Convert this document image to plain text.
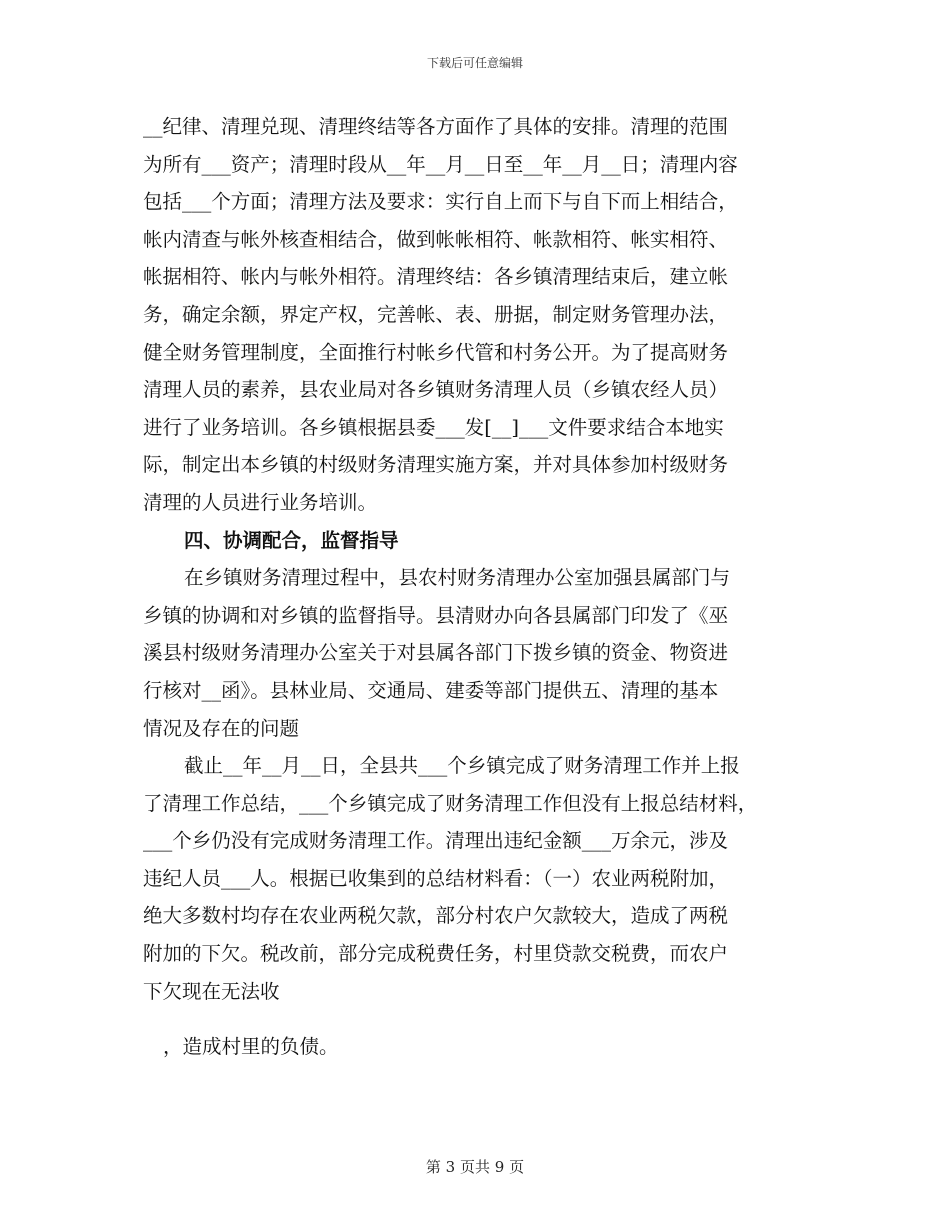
下载后可任意编辑
__纪律、清理兑现、清理终结等各方面作了具体的安排。清理的范围
为所有___资产；清理时段从__年__月__日至__年__月__日；清理内容
包括___个方面；清理方法及要求：实行自上而下与自下而上相结合，
帐内清查与帐外核查相结合，做到帐帐相符、帐款相符、帐实相符、
帐据相符、帐内与帐外相符。清理终结：各乡镇清理结束后，建立帐
务，确定余额，界定产权，完善帐、表、册据，制定财务管理办法，
健全财务管理制度，全面推行村帐乡代管和村务公开。为了提高财务
清理人员的素养，县农业局对各乡镇财务清理人员（乡镇农经人员）
进行了业务培训。各乡镇根据县委___发[__]___文件要求结合本地实
际，制定出本乡镇的村级财务清理实施方案，并对具体参加村级财务
清理的人员进行业务培训。
四、协调配合，监督指导
在乡镇财务清理过程中，县农村财务清理办公室加强县属部门与
乡镇的协调和对乡镇的监督指导。县清财办向各县属部门印发了《巫
溪县村级财务清理办公室关于对县属各部门下拨乡镇的资金、物资进
行核对__函》。县林业局、交通局、建委等部门提供五、清理的基本
情况及存在的问题
截止__年__月__日，全县共___个乡镇完成了财务清理工作并上报
了清理工作总结，___个乡镇完成了财务清理工作但没有上报总结材料，
___个乡仍没有完成财务清理工作。清理出违纪金额___万余元，涉及
违纪人员___人。根据已收集到的总结材料看：（一）农业两税附加，
绝大多数村均存在农业两税欠款，部分村农户欠款较大，造成了两税
附加的下欠。税改前，部分完成税费任务，村里贷款交税费，而农户
下欠现在无法收
，造成村里的负债。
第 3 页共 9 页
